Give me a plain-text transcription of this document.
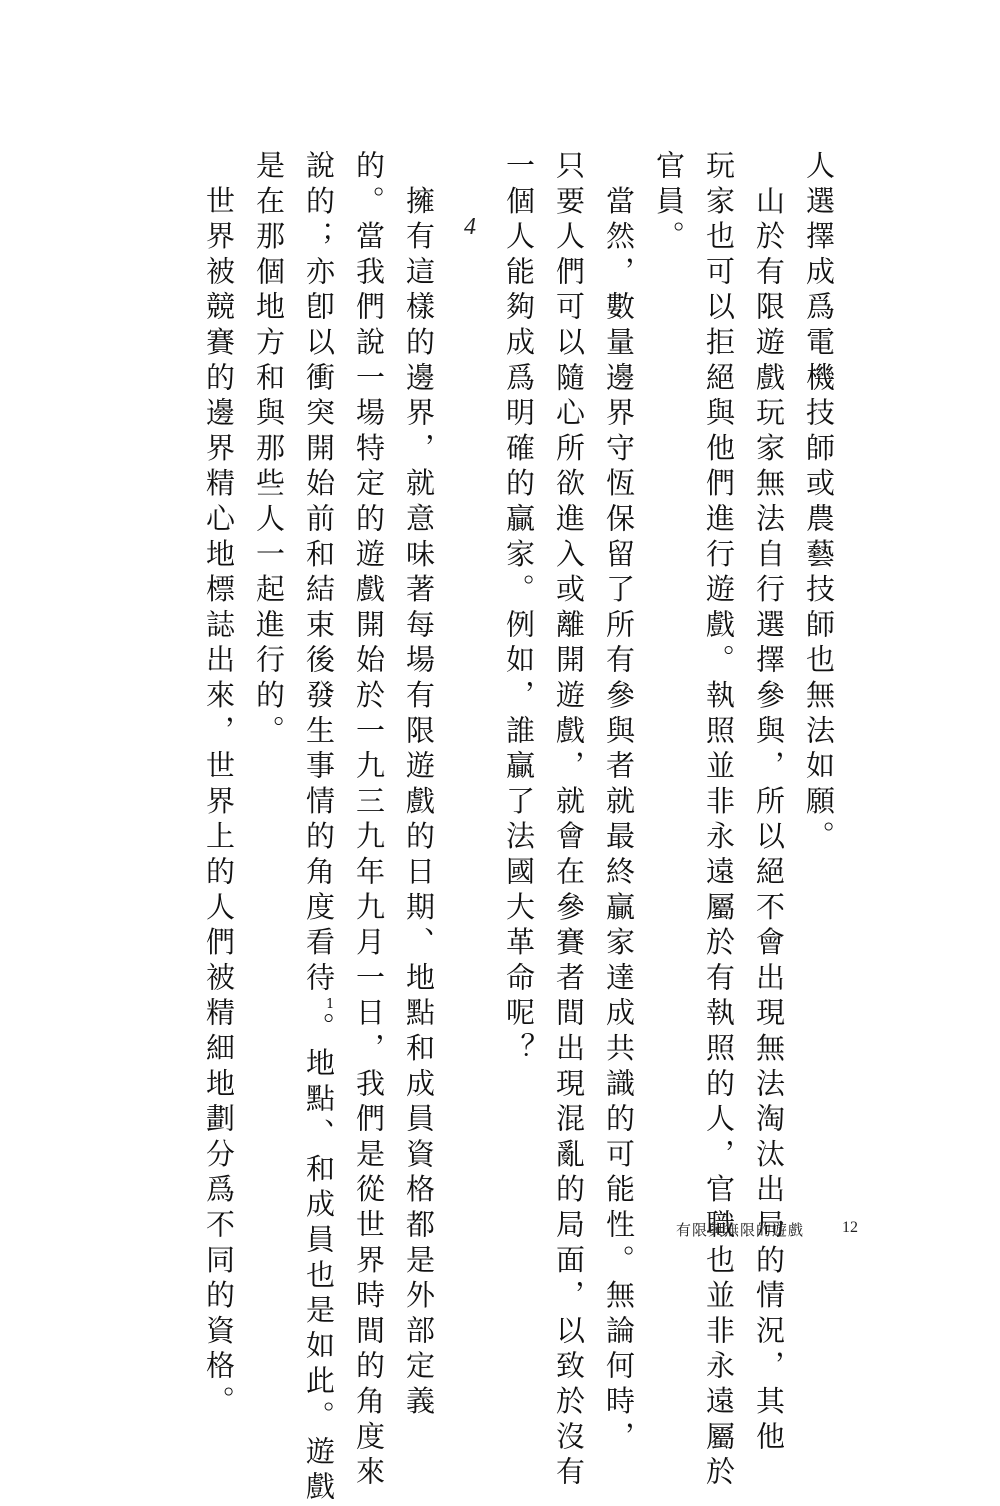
人選擇成爲電機技師或農藝技師也無法如願。
　山於有限遊戲玩家無法自行選擇參與，所以絕不會出現無法淘汰出局的情況，其他
玩家也可以拒絕與他們進行遊戲。執照並非永遠屬於有執照的人，官職也並非永遠屬於
官員。
　當然，數量邊界守恆保留了所有參與者就最終贏家達成共識的可能性。無論何時，
只要人們可以隨心所欲進入或離開遊戲，就會在參賽者間出現混亂的局面，以致於沒有
一個人能夠成爲明確的贏家。例如，誰贏了法國大革命呢？
4
　擁有這樣的邊界，就意味著每場有限遊戲的日期、地點和成員資格都是外部定義
的。當我們說一場特定的遊戲開始於一九三九年九月一日，我們是從世界時間的角度來
說的；亦卽以衝突開始前和結束後發生事情的角度看待$^1$。地點、和成員也是如此。遊戲
是在那個地方和與那些人一起進行的。
　世界被競賽的邊界精心地標誌出來，世界上的人們被精細地劃分爲不同的資格。	有限與無限的遊戲 12
